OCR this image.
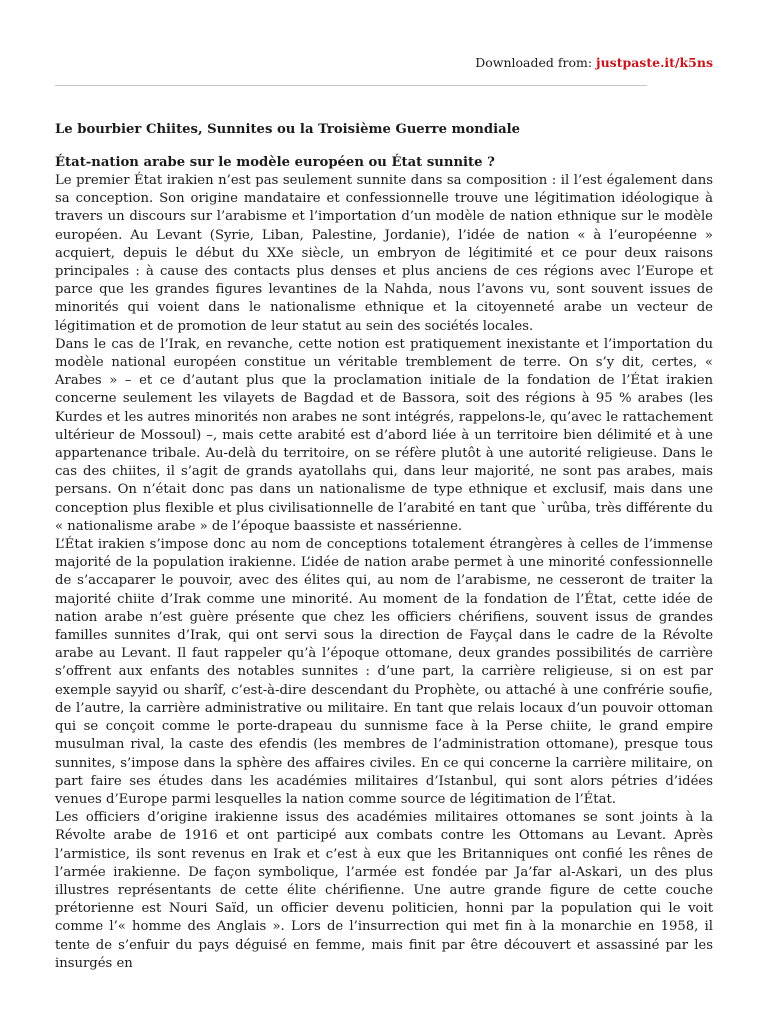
Downloaded from: justpaste.it/k5ns

Le bourbier Chiites, Sunnites ou la Troisième Guerre mondiale

État-nation arabe sur le modèle européen ou État sunnite ?

Le premier État irakien n’est pas seulement sunnite dans sa composition : il l’est également dans sa conception. Son origine mandataire et confessionnelle trouve une légitimation idéologique à travers un discours sur l’arabisme et l’importation d’un modèle de nation ethnique sur le modèle européen. Au Levant (Syrie, Liban, Palestine, Jordanie), l’idée de nation « à l’européenne » acquiert, depuis le début du XXe siècle, un embryon de légitimité et ce pour deux raisons principales : à cause des contacts plus denses et plus anciens de ces régions avec l’Europe et parce que les grandes figures levantines de la Nahda, nous l’avons vu, sont souvent issues de minorités qui voient dans le nationalisme ethnique et la citoyenneté arabe un vecteur de légitimation et de promotion de leur statut au sein des sociétés locales.

Dans le cas de l’Irak, en revanche, cette notion est pratiquement inexistante et l’importation du modèle national européen constitue un véritable tremblement de terre. On s’y dit, certes, « Arabes » – et ce d’autant plus que la proclamation initiale de la fondation de l’État irakien concerne seulement les vilayets de Bagdad et de Bassora, soit des régions à 95 % arabes (les Kurdes et les autres minorités non arabes ne sont intégrés, rappelons-le, qu’avec le rattachement ultérieur de Mossoul) –, mais cette arabité est d’abord liée à un territoire bien délimité et à une appartenance tribale. Au-delà du territoire, on se réfère plutôt à une autorité religieuse. Dans le cas des chiites, il s’agit de grands ayatollahs qui, dans leur majorité, ne sont pas arabes, mais persans. On n’était donc pas dans un nationalisme de type ethnique et exclusif, mais dans une conception plus flexible et plus civilisationnelle de l’arabité en tant que `urûba, très différente du « nationalisme arabe » de l’époque baassiste et nassérienne.

L’État irakien s’impose donc au nom de conceptions totalement étrangères à celles de l’immense majorité de la population irakienne. L’idée de nation arabe permet à une minorité confessionnelle de s’accaparer le pouvoir, avec des élites qui, au nom de l’arabisme, ne cesseront de traiter la majorité chiite d’Irak comme une minorité. Au moment de la fondation de l’État, cette idée de nation arabe n’est guère présente que chez les officiers chérifiens, souvent issus de grandes familles sunnites d’Irak, qui ont servi sous la direction de Fayçal dans le cadre de la Révolte arabe au Levant. Il faut rappeler qu’à l’époque ottomane, deux grandes possibilités de carrière s’offrent aux enfants des notables sunnites : d’une part, la carrière religieuse, si on est par exemple sayyid ou sharîf, c’est-à-dire descendant du Prophète, ou attaché à une confrérie soufie, de l’autre, la carrière administrative ou militaire. En tant que relais locaux d’un pouvoir ottoman qui se conçoit comme le porte-drapeau du sunnisme face à la Perse chiite, le grand empire musulman rival, la caste des efendis (les membres de l’administration ottomane), presque tous sunnites, s’impose dans la sphère des affaires civiles. En ce qui concerne la carrière militaire, on part faire ses études dans les académies militaires d’Istanbul, qui sont alors pétries d’idées venues d’Europe parmi lesquelles la nation comme source de légitimation de l’État.

Les officiers d’origine irakienne issus des académies militaires ottomanes se sont joints à la Révolte arabe de 1916 et ont participé aux combats contre les Ottomans au Levant. Après l’armistice, ils sont revenus en Irak et c’est à eux que les Britanniques ont confié les rênes de l’armée irakienne. De façon symbolique, l’armée est fondée par Ja’far al-Askari, un des plus illustres représentants de cette élite chérifienne. Une autre grande figure de cette couche prétorienne est Nouri Saïd, un officier devenu politicien, honni par la population qui le voit comme l’« homme des Anglais ». Lors de l’insurrection qui met fin à la monarchie en 1958, il tente de s’enfuir du pays déguisé en femme, mais finit par être découvert et assassiné par les insurgés en
